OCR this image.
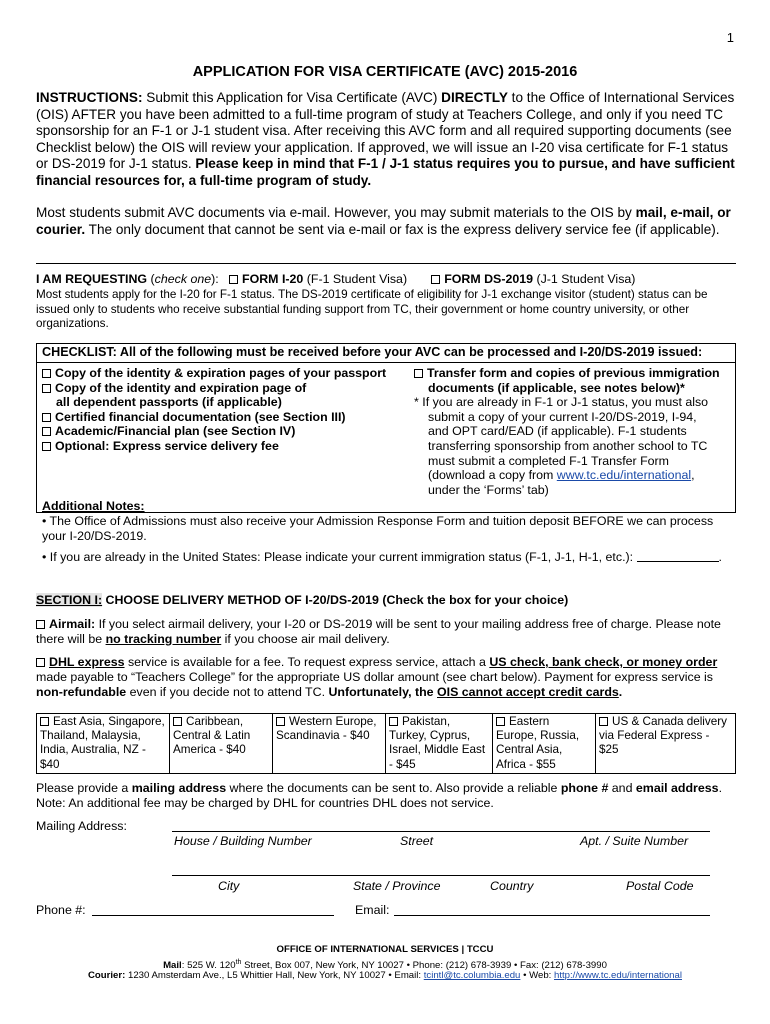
1
APPLICATION FOR VISA CERTIFICATE (AVC) 2015-2016
INSTRUCTIONS: Submit this Application for Visa Certificate (AVC) DIRECTLY to the Office of International Services (OIS) AFTER you have been admitted to a full-time program of study at Teachers College, and only if you need TC sponsorship for an F-1 or J-1 student visa. After receiving this AVC form and all required supporting documents (see Checklist below) the OIS will review your application. If approved, we will issue an I-20 visa certificate for F-1 status or DS-2019 for J-1 status. Please keep in mind that F-1 / J-1 status requires you to pursue, and have sufficient financial resources for, a full-time program of study.
Most students submit AVC documents via e-mail. However, you may submit materials to the OIS by mail, e-mail, or courier. The only document that cannot be sent via e-mail or fax is the express delivery service fee (if applicable).
I AM REQUESTING (check one): FORM I-20 (F-1 Student Visa)	FORM DS-2019 (J-1 Student Visa)
Most students apply for the I-20 for F-1 status. The DS-2019 certificate of eligibility for J-1 exchange visitor (student) status can be issued only to students who receive substantial funding support from TC, their government or home country university, or other organizations.
CHECKLIST: All of the following must be received before your AVC can be processed and I-20/DS-2019 issued:
Copy of the identity & expiration pages of your passport
Copy of the identity and expiration page of
all dependent passports (if applicable)
Certified financial documentation (see Section III)
Academic/Financial plan (see Section IV)
Optional: Express service delivery fee
Transfer form and copies of previous immigration
documents (if applicable, see notes below)*
* If you are already in F-1 or J-1 status, you must also
submit a copy of your current I-20/DS-2019, I-94,
and OPT card/EAD (if applicable). F-1 students
transferring sponsorship from another school to TC
must submit a completed F-1 Transfer Form
(download a copy from www.tc.edu/international,
under the ‘Forms’ tab)
Additional Notes:
• The Office of Admissions must also receive your Admission Response Form and tuition deposit BEFORE we can process your I-20/DS-2019.
• If you are already in the United States: Please indicate your current immigration status (F-1, J-1, H-1, etc.):	.
SECTION I: CHOOSE DELIVERY METHOD OF I-20/DS-2019 (Check the box for your choice)
Airmail: If you select airmail delivery, your I-20 or DS-2019 will be sent to your mailing address free of charge. Please note there will be no tracking number if you choose air mail delivery.
DHL express service is available for a fee. To request express service, attach a US check, bank check, or money order made payable to “Teachers College” for the appropriate US dollar amount (see chart below). Payment for express service is non-refundable even if you decide not to attend TC. Unfortunately, the OIS cannot accept credit cards.
East Asia, Singapore, Thailand, Malaysia, India, Australia, NZ - $40	Caribbean, Central & Latin America - $40	Western Europe, Scandinavia - $40	Pakistan, Turkey, Cyprus, Israel, Middle East - $45	Eastern Europe, Russia, Central Asia, Africa - $55	US & Canada delivery via Federal Express - $25
Please provide a mailing address where the documents can be sent to. Also provide a reliable phone # and email address.
Note: An additional fee may be charged by DHL for countries DHL does not service.
Mailing Address:
House / Building Number	Street	Apt. / Suite Number
City	State / Province	Country	Postal Code
Phone #:	Email:
OFFICE OF INTERNATIONAL SERVICES | TCCU
Mail: 525 W. 120th Street, Box 007, New York, NY 10027 • Phone: (212) 678-3939 • Fax: (212) 678-3990
Courier: 1230 Amsterdam Ave., L5 Whittier Hall, New York, NY 10027 • Email: tcintl@tc.columbia.edu • Web: http://www.tc.edu/international
